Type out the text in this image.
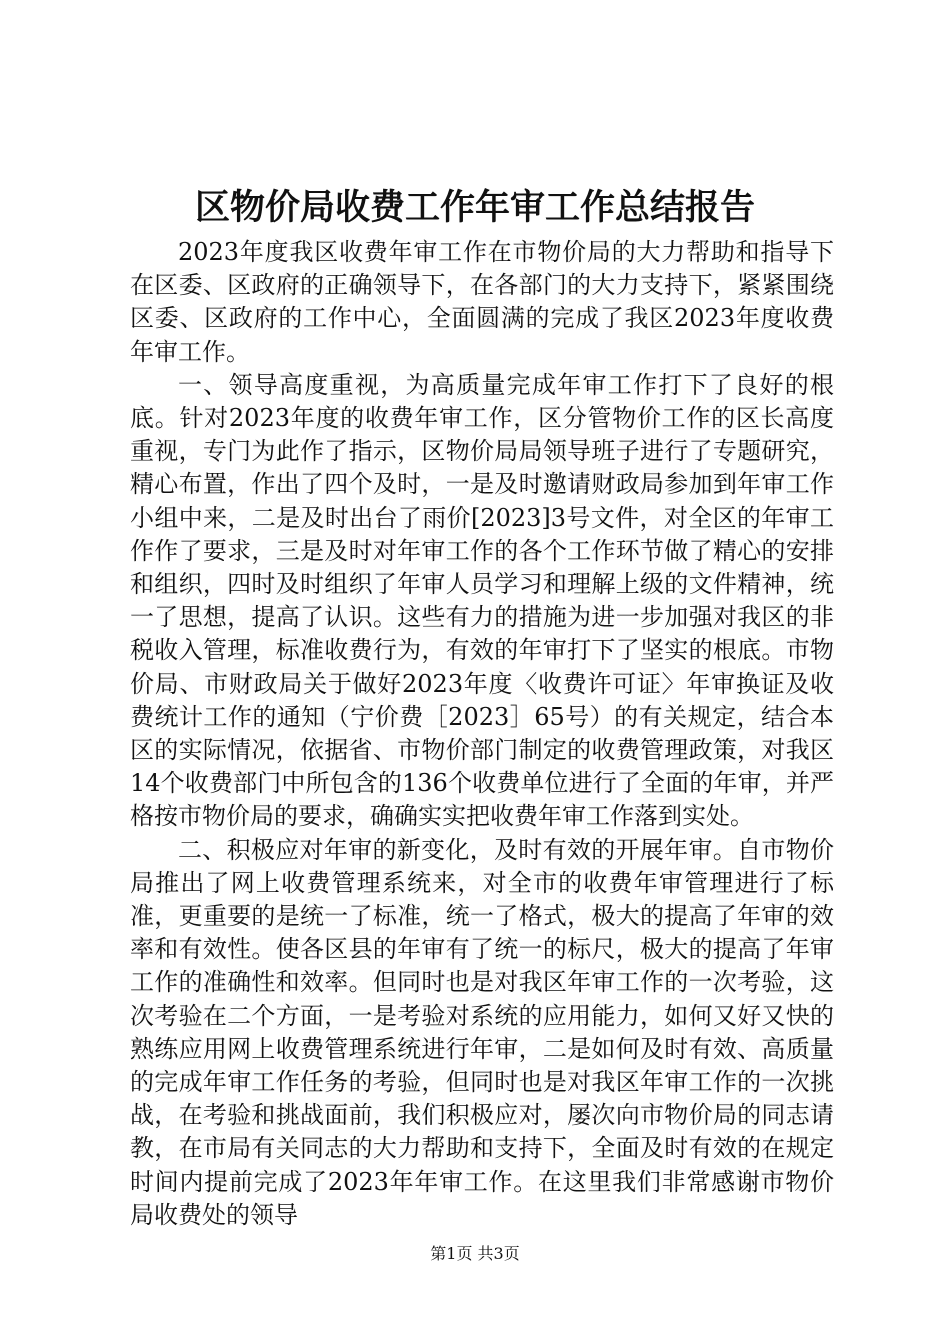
区物价局收费工作年审工作总结报告

2023年度我区收费年审工作在市物价局的大力帮助和指导下在区委、区政府的正确领导下，在各部门的大力支持下，紧紧围绕区委、区政府的工作中心，全面圆满的完成了我区2023年度收费年审工作。

一、领导高度重视，为高质量完成年审工作打下了良好的根底。针对2023年度的收费年审工作，区分管物价工作的区长高度重视，专门为此作了指示，区物价局局领导班子进行了专题研究，精心布置，作出了四个及时，一是及时邀请财政局参加到年审工作小组中来，二是及时出台了雨价[2023]3号文件，对全区的年审工作作了要求，三是及时对年审工作的各个工作环节做了精心的安排和组织，四时及时组织了年审人员学习和理解上级的文件精神，统一了思想，提高了认识。这些有力的措施为进一步加强对我区的非税收入管理，标准收费行为，有效的年审打下了坚实的根底。市物价局、市财政局关于做好2023年度〈收费许可证〉年审换证及收费统计工作的通知（宁价费［2023］65号）的有关规定，结合本区的实际情况，依据省、市物价部门制定的收费管理政策，对我区14个收费部门中所包含的136个收费单位进行了全面的年审，并严格按市物价局的要求，确确实实把收费年审工作落到实处。

二、积极应对年审的新变化，及时有效的开展年审。自市物价局推出了网上收费管理系统来，对全市的收费年审管理进行了标准，更重要的是统一了标准，统一了格式，极大的提高了年审的效率和有效性。使各区县的年审有了统一的标尺，极大的提高了年审工作的准确性和效率。但同时也是对我区年审工作的一次考验，这次考验在二个方面，一是考验对系统的应用能力，如何又好又快的熟练应用网上收费管理系统进行年审，二是如何及时有效、高质量的完成年审工作任务的考验，但同时也是对我区年审工作的一次挑战，在考验和挑战面前，我们积极应对，屡次向市物价局的同志请教，在市局有关同志的大力帮助和支持下，全面及时有效的在规定时间内提前完成了2023年年审工作。在这里我们非常感谢市物价局收费处的领导

第1页 共3页
